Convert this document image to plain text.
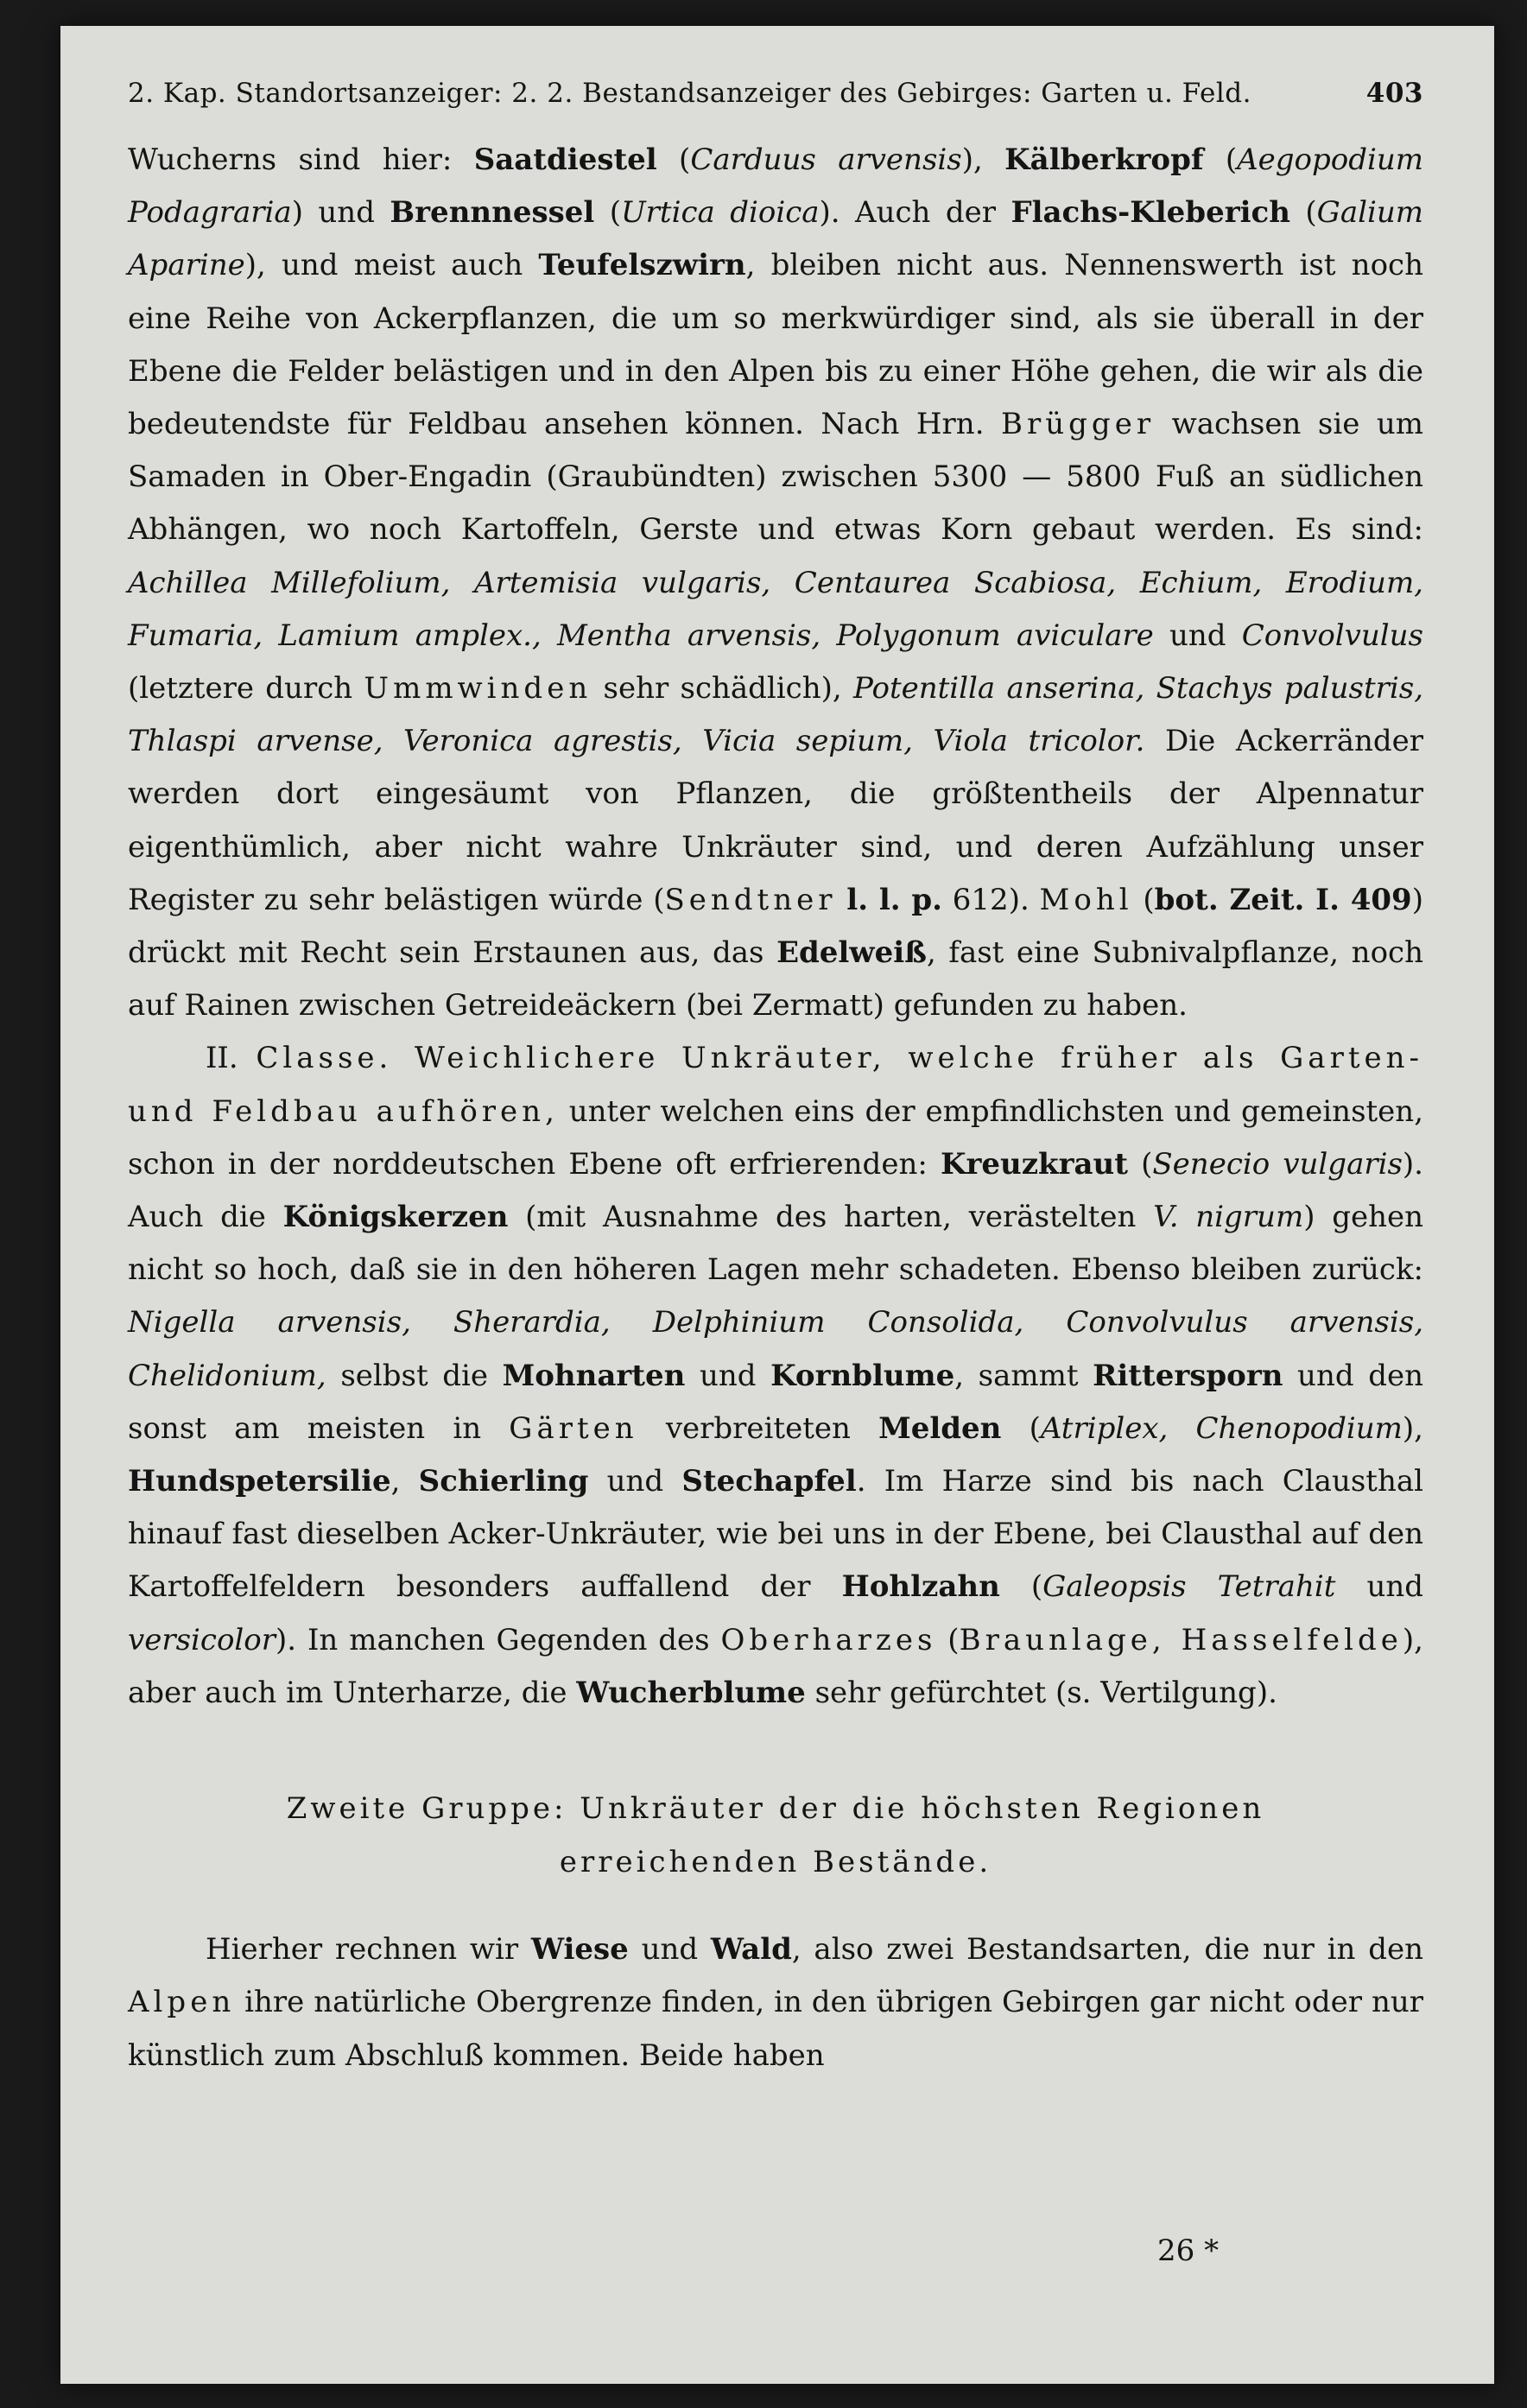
2. Kap. Standortsanzeiger: 2. 2. Bestandsanzeiger des Gebirges: Garten u. Feld.	403

Wucherns sind hier: Saatdiestel (Carduus arvensis), Kälberkropf (Aegopodium Podagraria) und Brennnessel (Urtica dioica). Auch der Flachs-Kleberich (Galium Aparine), und meist auch Teufelszwirn, bleiben nicht aus. Nennenswerth ist noch eine Reihe von Ackerpflanzen, die um so merkwürdiger sind, als sie überall in der Ebene die Felder belästigen und in den Alpen bis zu einer Höhe gehen, die wir als die bedeutendste für Feldbau ansehen können. Nach Hrn. Brügger wachsen sie um Samaden in Ober-Engadin (Graubündten) zwischen 5300 — 5800 Fuß an südlichen Abhängen, wo noch Kartoffeln, Gerste und etwas Korn gebaut werden. Es sind: Achillea Millefolium, Artemisia vulgaris, Centaurea Scabiosa, Echium, Erodium, Fumaria, Lamium amplex., Mentha arvensis, Polygonum aviculare und Convolvulus (letztere durch Ummwinden sehr schädlich), Potentilla anserina, Stachys palustris, Thlaspi arvense, Veronica agrestis, Vicia sepium, Viola tricolor. Die Ackerränder werden dort eingesäumt von Pflanzen, die größtentheils der Alpennatur eigenthümlich, aber nicht wahre Unkräuter sind, und deren Aufzählung unser Register zu sehr belästigen würde (Sendtner l. l. p. 612). Mohl (bot. Zeit. I. 409) drückt mit Recht sein Erstaunen aus, das Edelweiß, fast eine Subnivalpflanze, noch auf Rainen zwischen Getreideäckern (bei Zermatt) gefunden zu haben.

II. Classe. Weichlichere Unkräuter, welche früher als Garten- und Feldbau aufhören, unter welchen eins der empfindlichsten und gemeinsten, schon in der norddeutschen Ebene oft erfrierenden: Kreuzkraut (Senecio vulgaris). Auch die Königskerzen (mit Ausnahme des harten, verästelten V. nigrum) gehen nicht so hoch, daß sie in den höheren Lagen mehr schadeten. Ebenso bleiben zurück: Nigella arvensis, Sherardia, Delphinium Consolida, Convolvulus arvensis, Chelidonium, selbst die Mohnarten und Kornblume, sammt Rittersporn und den sonst am meisten in Gärten verbreiteten Melden (Atriplex, Chenopodium), Hundspetersilie, Schierling und Stechapfel. Im Harze sind bis nach Clausthal hinauf fast dieselben Acker-Unkräuter, wie bei uns in der Ebene, bei Clausthal auf den Kartoffelfeldern besonders auffallend der Hohlzahn (Galeopsis Tetrahit und versicolor). In manchen Gegenden des Oberharzes (Braunlage, Hasselfelde), aber auch im Unterharze, die Wucherblume sehr gefürchtet (s. Vertilgung).

Zweite Gruppe: Unkräuter der die höchsten Regionen
erreichenden Bestände.

Hierher rechnen wir Wiese und Wald, also zwei Bestandsarten, die nur in den Alpen ihre natürliche Obergrenze finden, in den übrigen Gebirgen gar nicht oder nur künstlich zum Abschluß kommen. Beide haben

26 *
